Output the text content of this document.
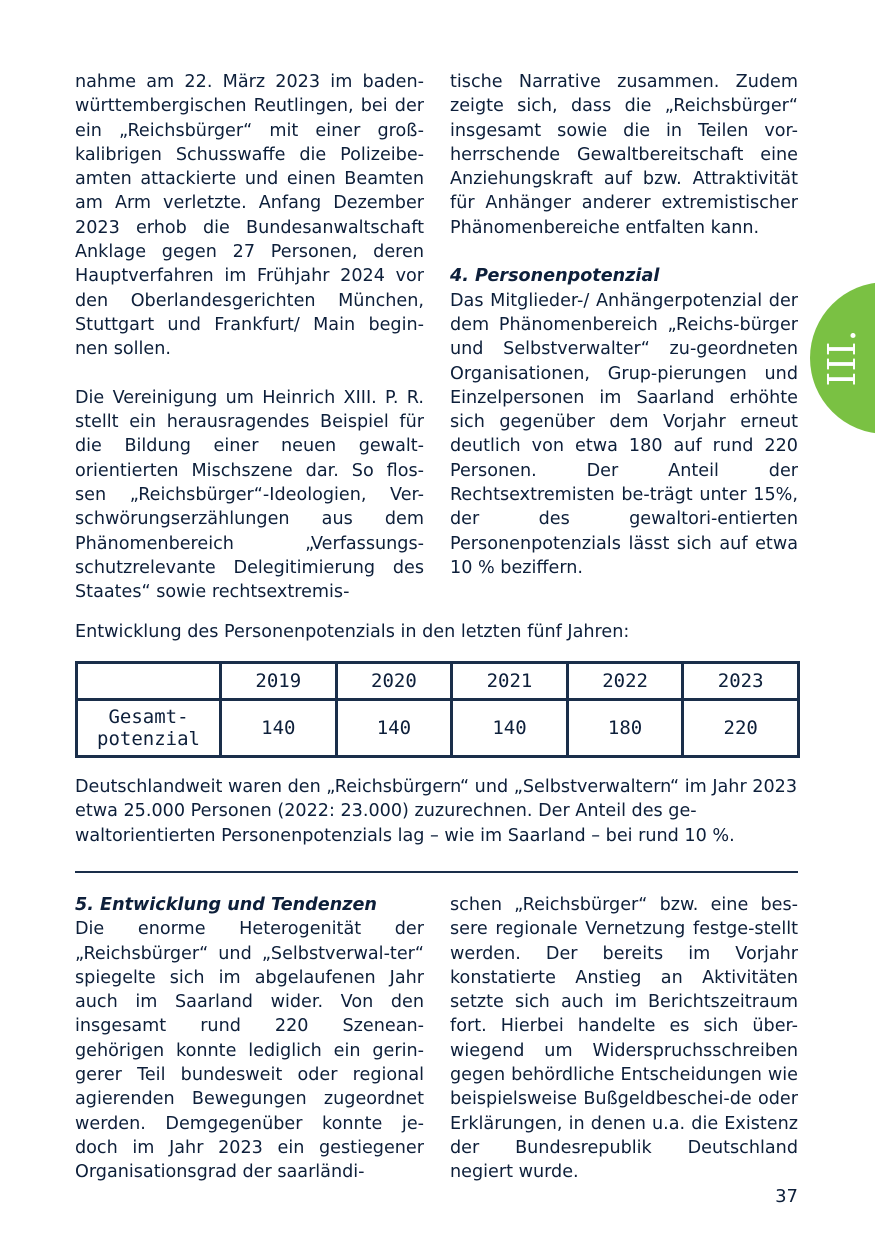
III.

nahme am 22. März 2023 im baden-württembergischen Reutlingen, bei der ein „Reichsbürger“ mit einer groß-kalibrigen Schusswaffe die Polizeibe-amten attackierte und einen Beamten am Arm verletzte. Anfang Dezember 2023 erhob die Bundesanwaltschaft Anklage gegen 27 Personen, deren Hauptverfahren im Frühjahr 2024 vor den Oberlandesgerichten München, Stuttgart und Frankfurt/ Main begin-nen sollen.

Die Vereinigung um Heinrich XIII. P. R. stellt ein herausragendes Beispiel für die Bildung einer neuen gewalt-orientierten Mischszene dar. So flos-sen „Reichsbürger“-Ideologien, Ver-schwörungserzählungen aus dem Phänomenbereich „Verfassungs-schutzrelevante Delegitimierung des Staates“ sowie rechtsextremis-

tische Narrative zusammen. Zudem zeigte sich, dass die „Reichsbürger“ insgesamt sowie die in Teilen vor-herrschende Gewaltbereitschaft eine Anziehungskraft auf bzw. Attraktivität für Anhänger anderer extremistischer Phänomenbereiche entfalten kann.

4. Personenpotenzial

Das Mitglieder-/ Anhängerpotenzial der dem Phänomenbereich „Reichs-bürger und Selbstverwalter“ zu-geordneten Organisationen, Grup-pierungen und Einzelpersonen im Saarland erhöhte sich gegenüber dem Vorjahr erneut deutlich von etwa 180 auf rund 220 Personen. Der Anteil der Rechtsextremisten be-trägt unter 15%, der des gewaltori-entierten Personenpotenzials lässt sich auf etwa 10 % beziffern.

Entwicklung des Personenpotenzials in den letzten fünf Jahren:
	2019	2020	2021	2022	2023
Gesamt-
potenzial	140	140	140	180	220
Deutschlandweit waren den „Reichsbürgern“ und „Selbstverwaltern“ im Jahr 2023 etwa 25.000 Personen (2022: 23.000) zuzurechnen. Der Anteil des ge-waltorientierten Personenpotenzials lag – wie im Saarland – bei rund 10 %.

5. Entwicklung und Tendenzen

Die enorme Heterogenität der „Reichsbürger“ und „Selbstverwal-ter“ spiegelte sich im abgelaufenen Jahr auch im Saarland wider. Von den insgesamt rund 220 Szenean-gehörigen konnte lediglich ein gerin-gerer Teil bundesweit oder regional agierenden Bewegungen zugeordnet werden. Demgegenüber konnte je-doch im Jahr 2023 ein gestiegener Organisationsgrad der saarländi-

schen „Reichsbürger“ bzw. eine bes-sere regionale Vernetzung festge-stellt werden. Der bereits im Vorjahr konstatierte Anstieg an Aktivitäten setzte sich auch im Berichtszeitraum fort. Hierbei handelte es sich über-wiegend um Widerspruchsschreiben gegen behördliche Entscheidungen wie beispielsweise Bußgeldbeschei-de oder Erklärungen, in denen u.a. die Existenz der Bundesrepublik Deutschland negiert wurde.

37
